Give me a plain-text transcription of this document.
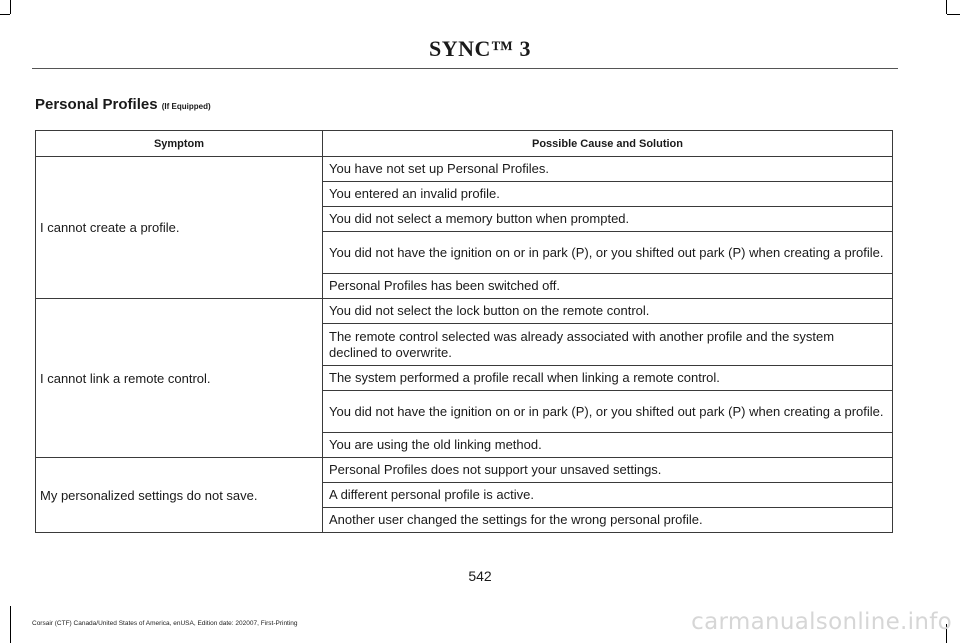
SYNC™ 3
Personal Profiles (If Equipped)
Symptom	Possible Cause and Solution
I cannot create a profile.	You have not set up Personal Profiles.
	You entered an invalid profile.
	You did not select a memory button when prompted.
	You did not have the ignition on or in park (P), or you shifted out park (P) when creating a profile.
	Personal Profiles has been switched off.
I cannot link a remote control.	You did not select the lock button on the remote control.
	The remote control selected was already associated with another profile and the system declined to overwrite.
	The system performed a profile recall when linking a remote control.
	You did not have the ignition on or in park (P), or you shifted out park (P) when creating a profile.
	You are using the old linking method.
My personalized settings do not save.	Personal Profiles does not support your unsaved settings.
	A different personal profile is active.
	Another user changed the settings for the wrong personal profile.
542
Corsair (CTF) Canada/United States of America, enUSA, Edition date: 202007, First-Printing	carmanualsonline.info
